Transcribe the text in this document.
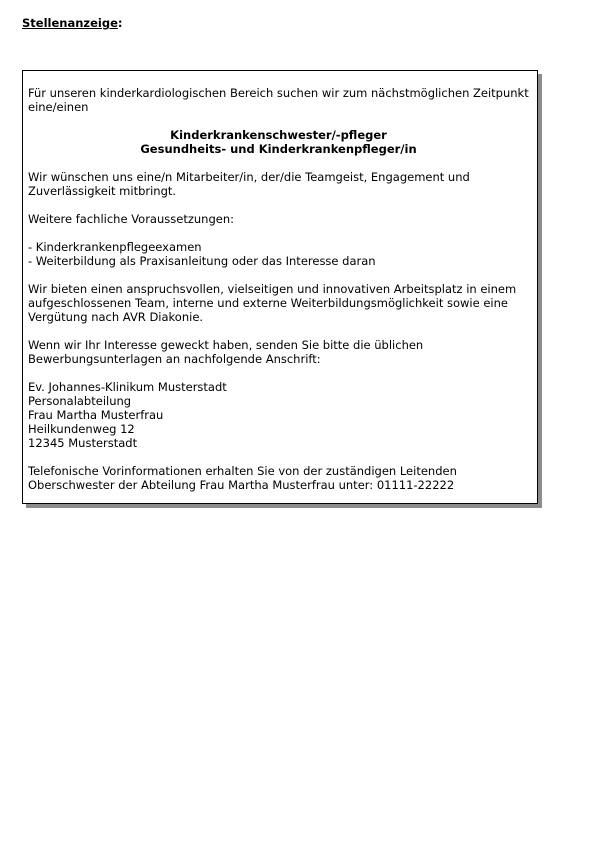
Stellenanzeige:

Für unseren kinderkardiologischen Bereich suchen wir zum nächstmöglichen Zeitpunkt eine/einen

Kinderkrankenschwester/-pfleger
Gesundheits- und Kinderkrankenpfleger/in

Wir wünschen uns eine/n Mitarbeiter/in, der/die Teamgeist, Engagement und Zuverlässigkeit mitbringt.

Weitere fachliche Voraussetzungen:

- Kinderkrankenpflegeexamen
- Weiterbildung als Praxisanleitung oder das Interesse daran

Wir bieten einen anspruchsvollen, vielseitigen und innovativen Arbeitsplatz in einem aufgeschlossenen Team, interne und externe Weiterbildungsmöglichkeit sowie eine Vergütung nach AVR Diakonie.

Wenn wir Ihr Interesse geweckt haben, senden Sie bitte die üblichen Bewerbungsunterlagen an nachfolgende Anschrift:

Ev. Johannes-Klinikum Musterstadt
Personalabteilung
Frau Martha Musterfrau
Heilkundenweg 12
12345 Musterstadt

Telefonische Vorinformationen erhalten Sie von der zuständigen Leitenden
Oberschwester der Abteilung Frau Martha Musterfrau unter: 01111-22222
